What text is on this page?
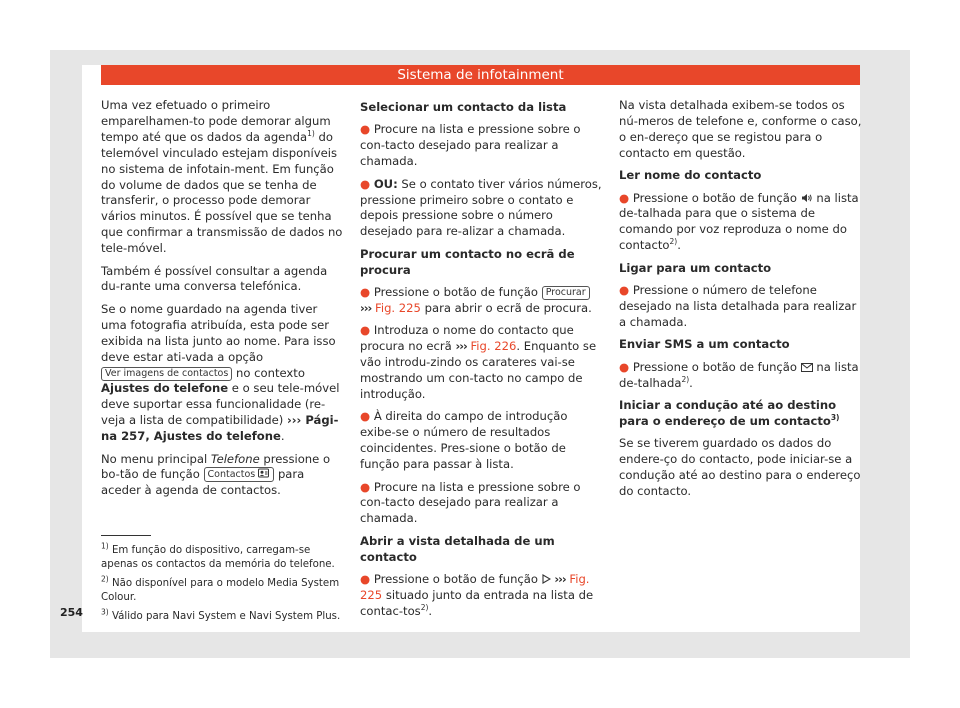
Sistema de infotainment

Uma vez efetuado o primeiro emparelhamen-to pode demorar algum tempo até que os dados da agenda$^{1)}$ do telemóvel vinculado estejam disponíveis no sistema de infotain-ment. Em função do volume de dados que se tenha de transferir, o processo pode demorar vários minutos. É possível que se tenha que confirmar a transmissão de dados no tele-móvel.

Também é possível consultar a agenda du-rante uma conversa telefónica.

Se o nome guardado na agenda tiver uma fotografia atribuída, esta pode ser exibida na lista junto ao nome. Para isso deve estar ati-vada a opção Ver imagens de contactos no contexto Ajustes do telefone e o seu tele-móvel deve suportar essa funcionalidade (re-veja a lista de compatibilidade) ››› Pági-na 257, Ajustes do telefone.

No menu principal Telefone pressione o bo-tão de função Contactos  para aceder à agenda de contactos.

Selecionar um contacto da lista

● Procure na lista e pressione sobre o con-tacto desejado para realizar a chamada.

● OU: Se o contato tiver vários números, pressione primeiro sobre o contato e depois pressione sobre o número desejado para re-alizar a chamada.

Procurar um contacto no ecrã de procura

● Pressione o botão de função Procurar ››› Fig. 225 para abrir o ecrã de procura.

● Introduza o nome do contacto que procura no ecrã ››› Fig. 226. Enquanto se vão introdu-zindo os carateres vai-se mostrando um con-tacto no campo de introdução.

● À direita do campo de introdução exibe-se o número de resultados coincidentes. Pres-sione o botão de função para passar à lista.

● Procure na lista e pressione sobre o con-tacto desejado para realizar a chamada.

Abrir a vista detalhada de um contacto

● Pressione o botão de função  ››› Fig. 225 situado junto da entrada na lista de contac-tos$^{2)}$.

Na vista detalhada exibem-se todos os nú-meros de telefone e, conforme o caso, o en-dereço que se registou para o contacto em questão.

Ler nome do contacto

● Pressione o botão de função  na lista de-talhada para que o sistema de comando por voz reproduza o nome do contacto$^{2)}$.

Ligar para um contacto

● Pressione o número de telefone desejado na lista detalhada para realizar a chamada.

Enviar SMS a um contacto

● Pressione o botão de função  na lista de-talhada$^{2)}$.

Iniciar a condução até ao destino para o endereço de um contacto$^{3)}$

Se se tiverem guardado os dados do endere-ço do contacto, pode iniciar-se a condução até ao destino para o endereço do contacto.

$^{1)}$ Em função do dispositivo, carregam-se apenas os contactos da memória do telefone.

$^{2)}$ Não disponível para o modelo Media System Colour.

$^{3)}$ Válido para Navi System e Navi System Plus.

254
